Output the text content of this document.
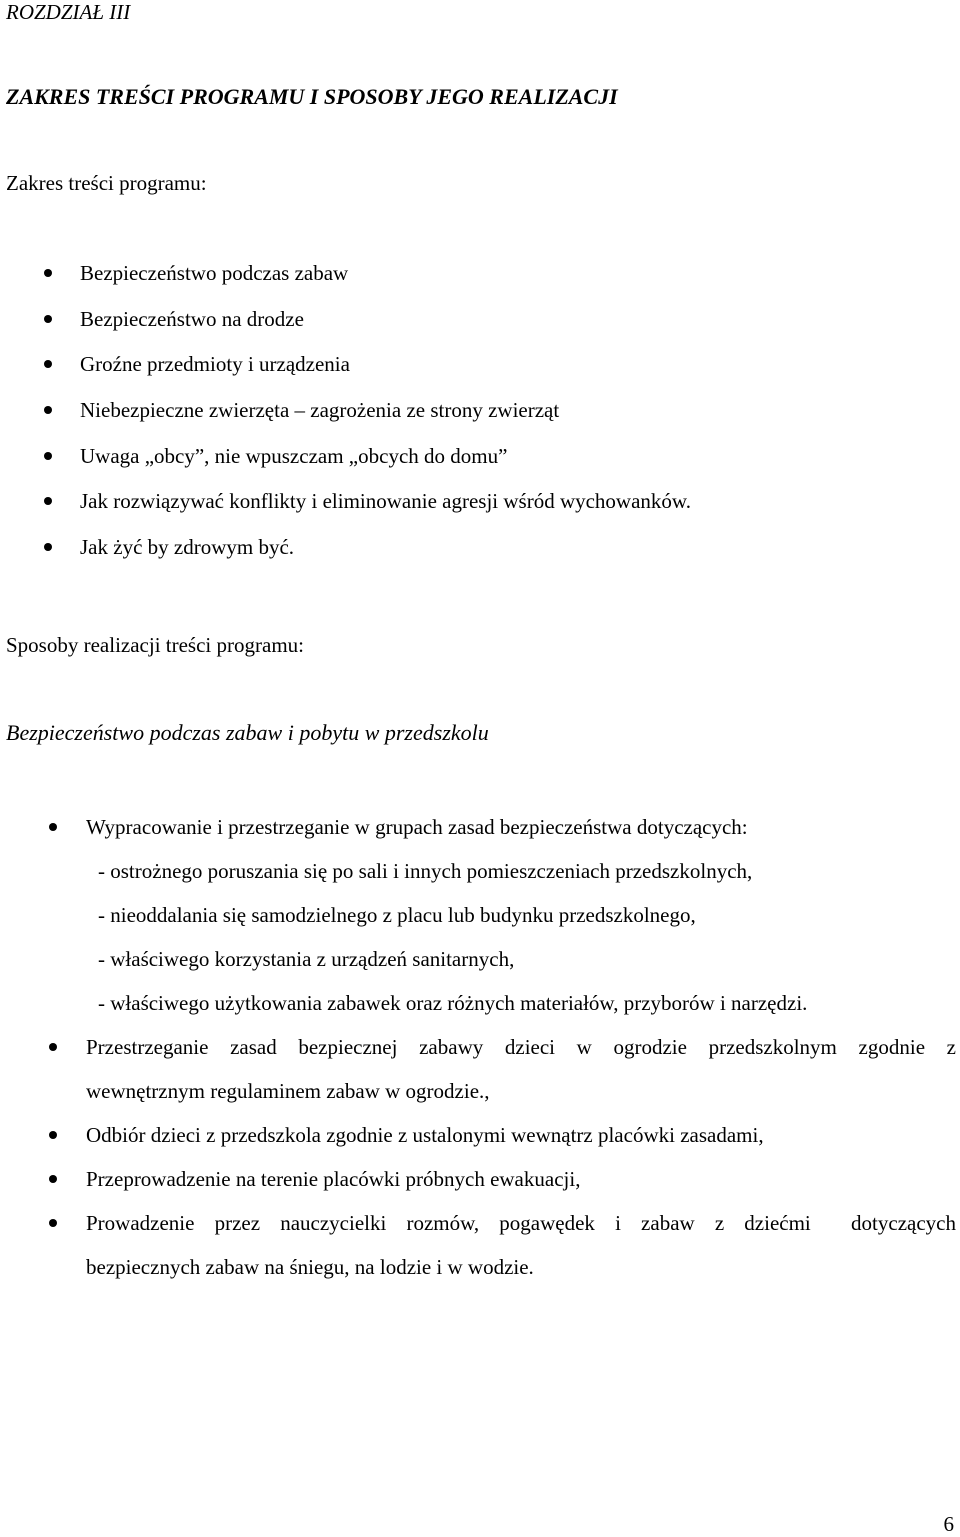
ROZDZIAŁ III
ZAKRES TREŚCI PROGRAMU I SPOSOBY JEGO REALIZACJI
Zakres treści programu:
Bezpieczeństwo podczas zabaw
Bezpieczeństwo na drodze
Groźne przedmioty i urządzenia
Niebezpieczne zwierzęta – zagrożenia ze strony zwierząt
Uwaga „obcy”, nie wpuszczam „obcych do domu”
Jak rozwiązywać konflikty i eliminowanie agresji wśród wychowanków.
Jak żyć by zdrowym być.
Sposoby realizacji treści programu:
Bezpieczeństwo podczas zabaw i pobytu w przedszkolu
Wypracowanie i przestrzeganie w grupach zasad bezpieczeństwa dotyczących:
- ostrożnego poruszania się po sali i innych pomieszczeniach przedszkolnych,
- nieoddalania się samodzielnego z placu lub budynku przedszkolnego,
- właściwego korzystania z urządzeń sanitarnych,
- właściwego użytkowania zabawek oraz różnych materiałów, przyborów i narzędzi.
Przestrzeganie zasad bezpiecznej zabawy dzieci w ogrodzie przedszkolnym zgodnie z
wewnętrznym regulaminem zabaw w ogrodzie.,
Odbiór dzieci z przedszkola zgodnie z ustalonymi wewnątrz placówki zasadami,
Przeprowadzenie na terenie placówki próbnych ewakuacji,
Prowadzenie przez nauczycielki rozmów, pogawędek i zabaw z dziećmi  dotyczących
bezpiecznych zabaw na śniegu, na lodzie i w wodzie.
6
